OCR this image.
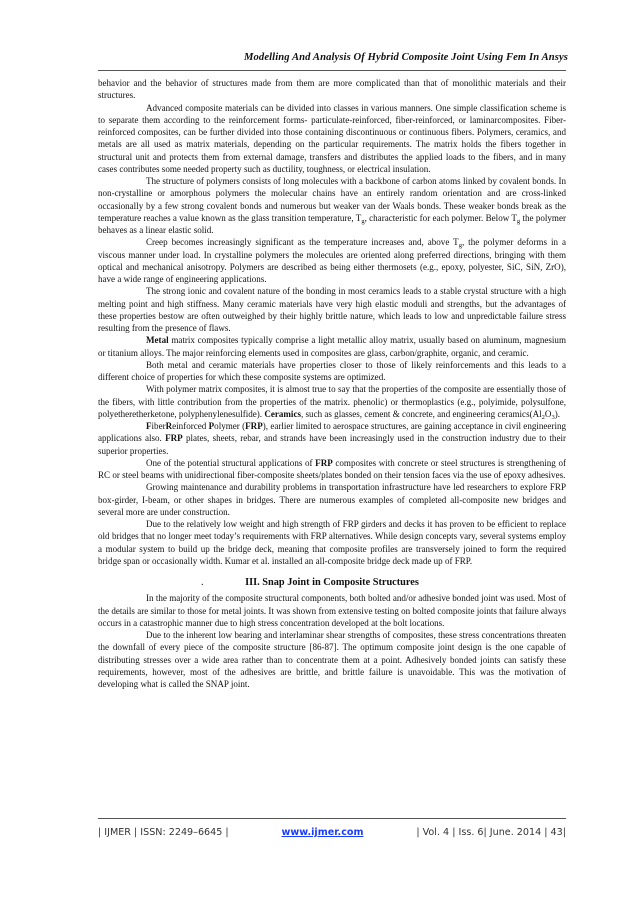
Modelling And Analysis Of Hybrid Composite Joint Using Fem In Ansys

behavior and the behavior of structures made from them are more complicated than that of monolithic materials and their structures.

Advanced composite materials can be divided into classes in various manners. One simple classification scheme is to separate them according to the reinforcement forms- particulate-reinforced, fiber-reinforced, or laminarcomposites. Fiber-reinforced composites, can be further divided into those containing discontinuous or continuous fibers. Polymers, ceramics, and metals are all used as matrix materials, depending on the particular requirements. The matrix holds the fibers together in structural unit and protects them from external damage, transfers and distributes the applied loads to the fibers, and in many cases contributes some needed property such as ductility, toughness, or electrical insulation.

The structure of polymers consists of long molecules with a backbone of carbon atoms linked by covalent bonds. In non-crystalline or amorphous polymers the molecular chains have an entirely random orientation and are cross-linked occasionally by a few strong covalent bonds and numerous but weaker van der Waals bonds. These weaker bonds break as the temperature reaches a value known as the glass transition temperature, $T_g$, characteristic for each polymer. Below $T_g$ the polymer behaves as a linear elastic solid.

Creep becomes increasingly significant as the temperature increases and, above $T_g$, the polymer deforms in a viscous manner under load. In crystalline polymers the molecules are oriented along preferred directions, bringing with them optical and mechanical anisotropy. Polymers are described as being either thermosets (e.g., epoxy, polyester, SiC, SiN, ZrO), have a wide range of engineering applications.

The strong ionic and covalent nature of the bonding in most ceramics leads to a stable crystal structure with a high melting point and high stiffness. Many ceramic materials have very high elastic moduli and strengths, but the advantages of these properties bestow are often outweighed by their highly brittle nature, which leads to low and unpredictable failure stress resulting from the presence of flaws.

Metal matrix composites typically comprise a light metallic alloy matrix, usually based on aluminum, magnesium or titanium alloys. The major reinforcing elements used in composites are glass, carbon/graphite, organic, and ceramic.

Both metal and ceramic materials have properties closer to those of likely reinforcements and this leads to a different choice of properties for which these composite systems are optimized.

With polymer matrix composites, it is almost true to say that the properties of the composite are essentially those of the fibers, with little contribution from the properties of the matrix. phenolic) or thermoplastics (e.g., polyimide, polysulfone, polyetheretherketone, polyphenylenesulfide). Ceramics, such as glasses, cement & concrete, and engineering $ceramics(Al_2O_3)$.

FiberReinforced Polymer (FRP), earlier limited to aerospace structures, are gaining acceptance in civil engineering applications also. FRP plates, sheets, rebar, and strands have been increasingly used in the construction industry due to their superior properties.

One of the potential structural applications of FRP composites with concrete or steel structures is strengthening of RC or steel beams with unidirectional fiber-composite sheets/plates bonded on their tension faces via the use of epoxy adhesives.

Growing maintenance and durability problems in transportation infrastructure have led researchers to explore FRP box-girder, I-beam, or other shapes in bridges. There are numerous examples of completed all-composite new bridges and several more are under construction.

Due to the relatively low weight and high strength of FRP girders and decks it has proven to be efficient to replace old bridges that no longer meet today’s requirements with FRP alternatives. While design concepts vary, several systems employ a modular system to build up the bridge deck, meaning that composite profiles are transversely joined to form the required bridge span or occasionally width. Kumar et al. installed an all-composite bridge deck made up of FRP.

.	III. Snap Joint in Composite Structures

In the majority of the composite structural components, both bolted and/or adhesive bonded joint was used. Most of the details are similar to those for metal joints. It was shown from extensive testing on bolted composite joints that failure always occurs in a catastrophic manner due to high stress concentration developed at the bolt locations.

Due to the inherent low bearing and interlaminar shear strengths of composites, these stress concentrations threaten the downfall of every piece of the composite structure [86-87]. The optimum composite joint design is the one capable of distributing stresses over a wide area rather than to concentrate them at a point. Adhesively bonded joints can satisfy these requirements, however, most of the adhesives are brittle, and brittle failure is unavoidable. This was the motivation of developing what is called the SNAP joint.

| IJMER | ISSN: 2249–6645 |	www.ijmer.com	| Vol. 4 | Iss. 6| June. 2014 | 43|
